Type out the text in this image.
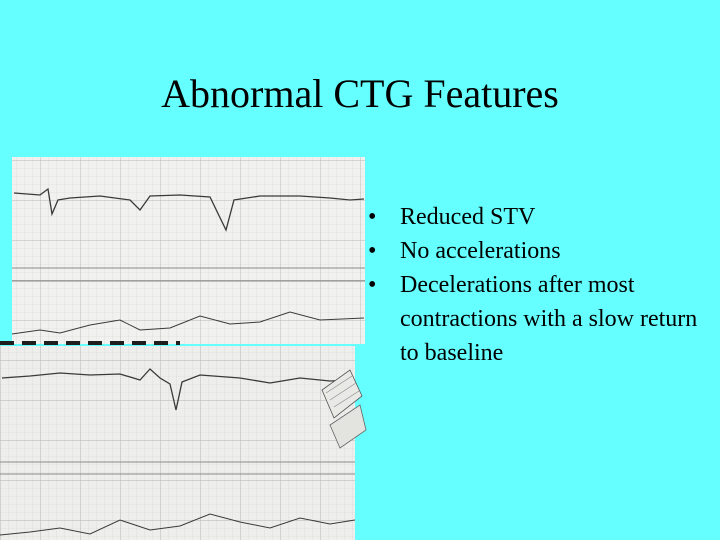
Abnormal CTG Features
• Reduced STV
• No accelerations
• Decelerations after most contractions with a slow return to baseline
